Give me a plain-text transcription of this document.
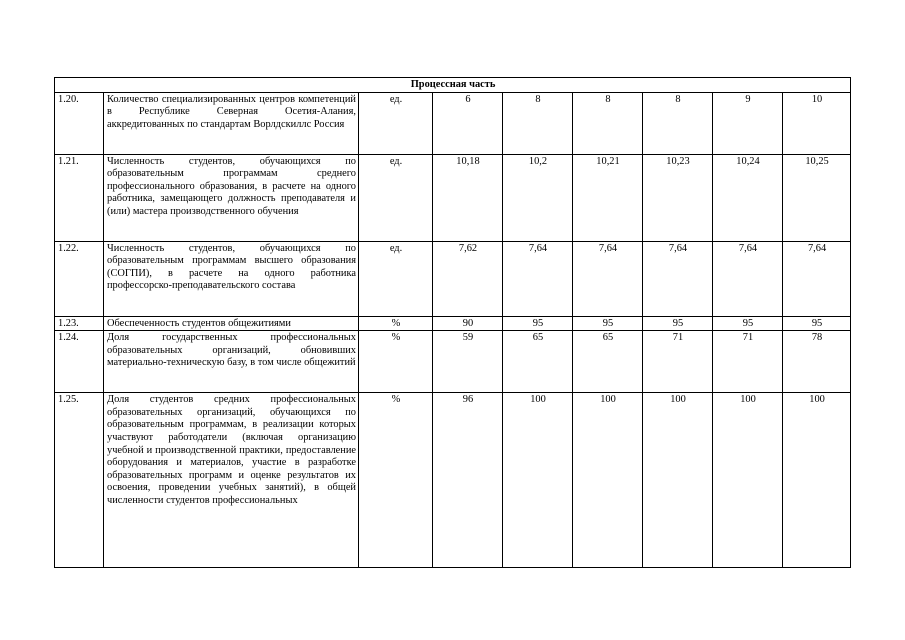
Процессная часть								
1.20.	Количество специализированных центров компетенций в Республике Северная Осетия-Алания, аккредитованных по стандартам Ворлдскиллс Россия	ед.	6	8	8	8	9	10
1.21.	Численность студентов, обучающихся по образовательным программам среднего профессионального образования, в расчете на одного работника, замещающего должность преподавателя и (или) мастера производственного обучения	ед.	10,18	10,2	10,21	10,23	10,24	10,25
1.22.	Численность студентов, обучающихся по образовательным программам высшего образования (СОГПИ), в расчете на одного работника профессорско-преподавательского состава	ед.	7,62	7,64	7,64	7,64	7,64	7,64
1.23.	Обеспеченность студентов общежитиями	%	90	95	95	95	95	95
1.24.	Доля государственных профессиональных образовательных организаций, обновивших материально-техническую базу, в том числе общежитий	%	59	65	65	71	71	78
1.25.	Доля студентов средних профессиональных образовательных организаций, обучающихся по образовательным программам, в реализации которых участвуют работодатели (включая организацию учебной и производственной практики, предоставление оборудования и материалов, участие в разработке образовательных программ и оценке результатов их освоения, проведении учебных занятий), в общей численности студентов профессиональных	%	96	100	100	100	100	100
